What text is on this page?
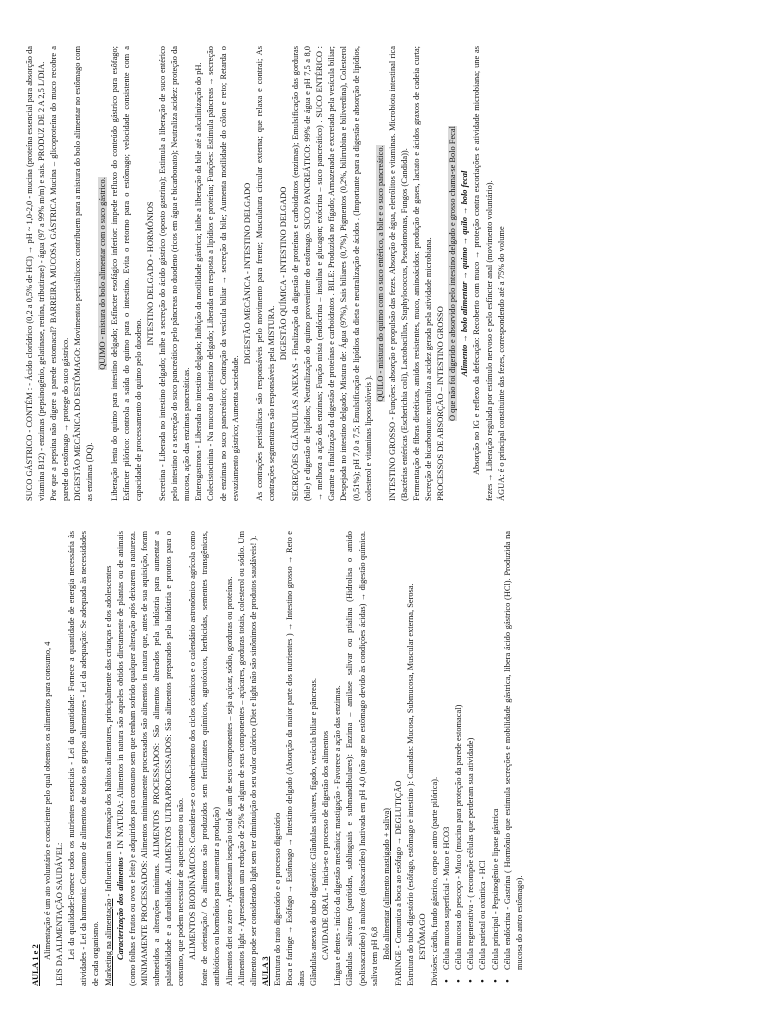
AULA 1 e 2

Alimentação é um ato voluntário e consciente pelo qual obtemos os alimentos para consumo, 4 LEIS DA ALIMENTAÇÃO SAUDÁVEL: Lei da qualidade:Fornece todos os nutrientes essenciais - Lei da quantidade: Fornece a quantidade de energia necessária às atividades - Lei da harmonia: Consumo de alimentos de todos os grupos alimentares - Lei da adequação: Se adequada às necessidades de cada organismo. Marketing na alimentação - Influenciam na formação dos hábitos alimentares, principalmente das crianças e dos adolescentes

Caracterização dos alimentos - IN NATURA: Alimentos in natura são aqueles obtidos diretamente de plantas ou de animais (como folhas e frutos ou ovos e leite) e adquiridos para consumo sem que tenham sofrido qualquer alteração após deixarem a natureza. MINIMAMENTE PROCESSADOS: Alimentos minimamente processados são alimentos in natura que, antes de sua aquisição, foram submetidos a alterações mínimas. ALIMENTOS PROCESSADOS: São alimentos alterados pela indústria para aumentar a palatabilidade e a durabilidade. ALIMENTOS ULTRAPROCESSADOS: São alimentos preparados pela indústria e prontos para o consumo, que podem necessitar de aquecimento ou não. ALIMENTOS BIODINÂMICOS: Considera-se o conhecimento dos ciclos cósmicos e o calendário astronômico agrícola como fonte de orientação./ Os alimentos são produzidos sem fertilizantes químicos, agrotóxicos, herbicidas, sementes transgênicas, antibióticos ou hormônios para aumentar a produção) Alimentos diet ou zero - Apresentam isenção total de um de seus componentes – seja açúcar, sódio, gorduras ou proteínas. Alimentos light - Apresentam uma redução de 25% de algum de seus componentes – açúcares, gorduras totais, colesterol ou sódio. Um alimento pode ser considerado light sem ter diminuição do seu valor calórico (Diet e light não são sinônimos de produtos saudáveis! ). AULA 3 Estrutura do trato digestório e o processo digestório Boca e faringe → Esôfago → Estômago → Intestino delgado (Absorção da maior parte dos nutrientes ) → Intestino grosso → Reto e ânus Glândulas anexas do tubo digestório: Glândulas salivares, fígado, vesícula biliar e pâncreas. CAVIDADE ORAL - Inicia-se o processo de digestão dos alimentos Língua e dentes - início da digestão mecânica; mastigação - Favorece a ação das enzimas. Glândulas salivares (parótidas, sublinguais e submandibulares): Enzima – amilase salivar ou ptialina (Hidrolisa o amido (polissacarídeo) à maltose (dissacarídeo) Inativada em pH 4,0 (não age no estômago devido às condições ácidas) → digestão química. saliva tem pH 6,8 Bolo alimentar (alimento mastigado + saliva) FARINGE - Comunica a boca ao esôfago → DEGLUTIÇÃO Estrutura do tubo digestório (esôfago, estômago e intestino ): Camadas: Mucosa, Submucosa, Muscular externa, Serosa. ESTÔMAGO Divisões: cárdia, fundo gástrico, corpo e antro (parte pilórica). • Célula mucosa superficial - Muco e HCO3 • Célula mucosa do pescoço - Muco (mucina para proteção da parede estomacal) • Célula regenerativa - ( recompõe células que perderam sua atividade) • Célula parietal ou oxíntica - HCl • Célula principal - Pepsinogênio e lipase gástrica • Célula endócrina - Gastrina ( Hormônio que estimula secreções e mobilidade gástrica, libera ácido gástrico (HCl). Produzida na mucosa do antro estômago).

SUCO GÁSTRICO - CONTÉM : - Ácido clorídrico (0,2 a 0,5% de HCl) → pH ~ 1,0-2,0 - mucina (proteína essencial para absorção da vitamina B12) - enzimas (pepsinogênio, gelatinase, renina, tributirase) - água (97 a 99% m/m) e sais. PRODUZ DE 2 A 2,5 L/DIA. Por que a pepsina não digere a parede estomacal? BARREIRA MUCOSA GÁSTRICA Mucina – glicoproteína do muco recobre a parede do estômago → protege do suco gástrico. DIGESTÃO MECÂNICA DO ESTÔMAGO: Movimentos peristálticos: contribuem para a mistura do bolo alimentar no estômago com as enzimas (DQ).

QUIMO - mistura do bolo alimentar com o suco gástrico. Liberação lenta do quimo para intestino delgado; Esfíncter esofágico inferior: impede refluxo do conteúdo gástrico para esôfago; Esfíncter pilórico: controla a saída do quimo para o intestino. Evita o retorno para o estômago; velocidade consistente com a capacidade de processamento do quimo pelo duodeno.

INTESTINO DELGADO - HORMÔNIOS Secretina - Liberada no intestino delgado; Inibe a secreção do ácido gástrico (oposto gastrina); Estimula a liberação de suco entérico pelo intestino e a secreção do suco pancreático pelo pâncreas no duodeno (ricos em água e bicarbonato); Neutraliza acidez: proteção da mucosa, ação das enzimas pancreáticas. Enterogastrona - Liberada no intestino delgado; Inibição da motilidade gástrica; Inibe a liberação da bile até a alcalinização do pH. Colecistocinina - Na mucosa do intestino delgado; Liberada em resposta a lipídios e proteína; Funções: Estimula pâncreas → secreção de enzimas no suco pancreático; Contração da vesícula biliar → secreção da bile; Aumenta motilidade do cólon e reto; Retarda o esvaziamento gástrico; Aumenta saciedade.

DIGESTÃO MECÂNICA - INTESTINO DELGADO As contrações peristálticas são responsáveis pelo movimento para frente; Musculatura circular externa; que relaxa e contrai; As contrações segmentares são responsáveis pela MISTURA.

DIGESTÃO QUÍMICA - INTESTINO DELGADO SECREÇÕES GLÂNDULAS ANEXAS - Finalização da digestão de proteínas e carboidratos (enzimas); Emulsificação das gorduras (bile) e digestão de lipídios; Neutralização do quimo proveniente do estômago. SUCO PANCREÁTICO: 99% de água e pH 7,5 a 8,0 → melhora a ação das enzimas; Função mista (endócrina – insulina e glucagon; exócrina – suco pancreático) . SUCO ENTÉRICO : Garante a finalização da digestão de proteínas e carboidratos . BILE: Produzida no fígado; Armazenada e excretada pela vesícula biliar; Despejada no intestino delgado; Mistura de: Água (97%), Sais biliares (0,7%), Pigmentos (0,2%, bilirrubina e biliverdina), Colesterol (0,51%); pH 7,0 a 7,5; Emulsificação de lipídios da dieta e neutralização de ácidos . (Importante para a digestão e absorção de lipídios, colesterol e vitaminas lipossolúveis ).

QUILO - mistura do quimo com o suco entérico, a bile e o suco pancreático. INTESTINO GROSSO - Funções: absorção e propulsão das fezes. Absorção de água, eletrólitos e vitaminas. Microbiota intestinal rica (Bactérias entéricas (Escherichia coli), Lactobacillus, Staphylococcus, Pseudomonas, Fungos (Candida)). Fermentação de fibras dietéticas, amidos resistentes, muco, aminoácidos: produção de gases, lactato e ácidos graxos de cadeia curta; Secreção de bicarbonato: neutraliza a acidez gerada pela atividade microbiana. PROCESSOS DE ABSORÇÃO – INTESTINO GROSSO O que não foi digerido e absorvido pelo intestino delgado e grosso chama-se Bolo Fecal Alimento → bolo alimentar → quimo → quilo → bolo fecal Absorção no IG e reflexo da defecação: Recoberto com muco → proteção contra escoriações e atividade microbiana; une as fezes → Liberação regulada por estímulo nervoso e pelo esfíncter anal (movimento voluntário). ÁGUA: é o principal constituinte das fezes, correspondendo até a 75% do volume
